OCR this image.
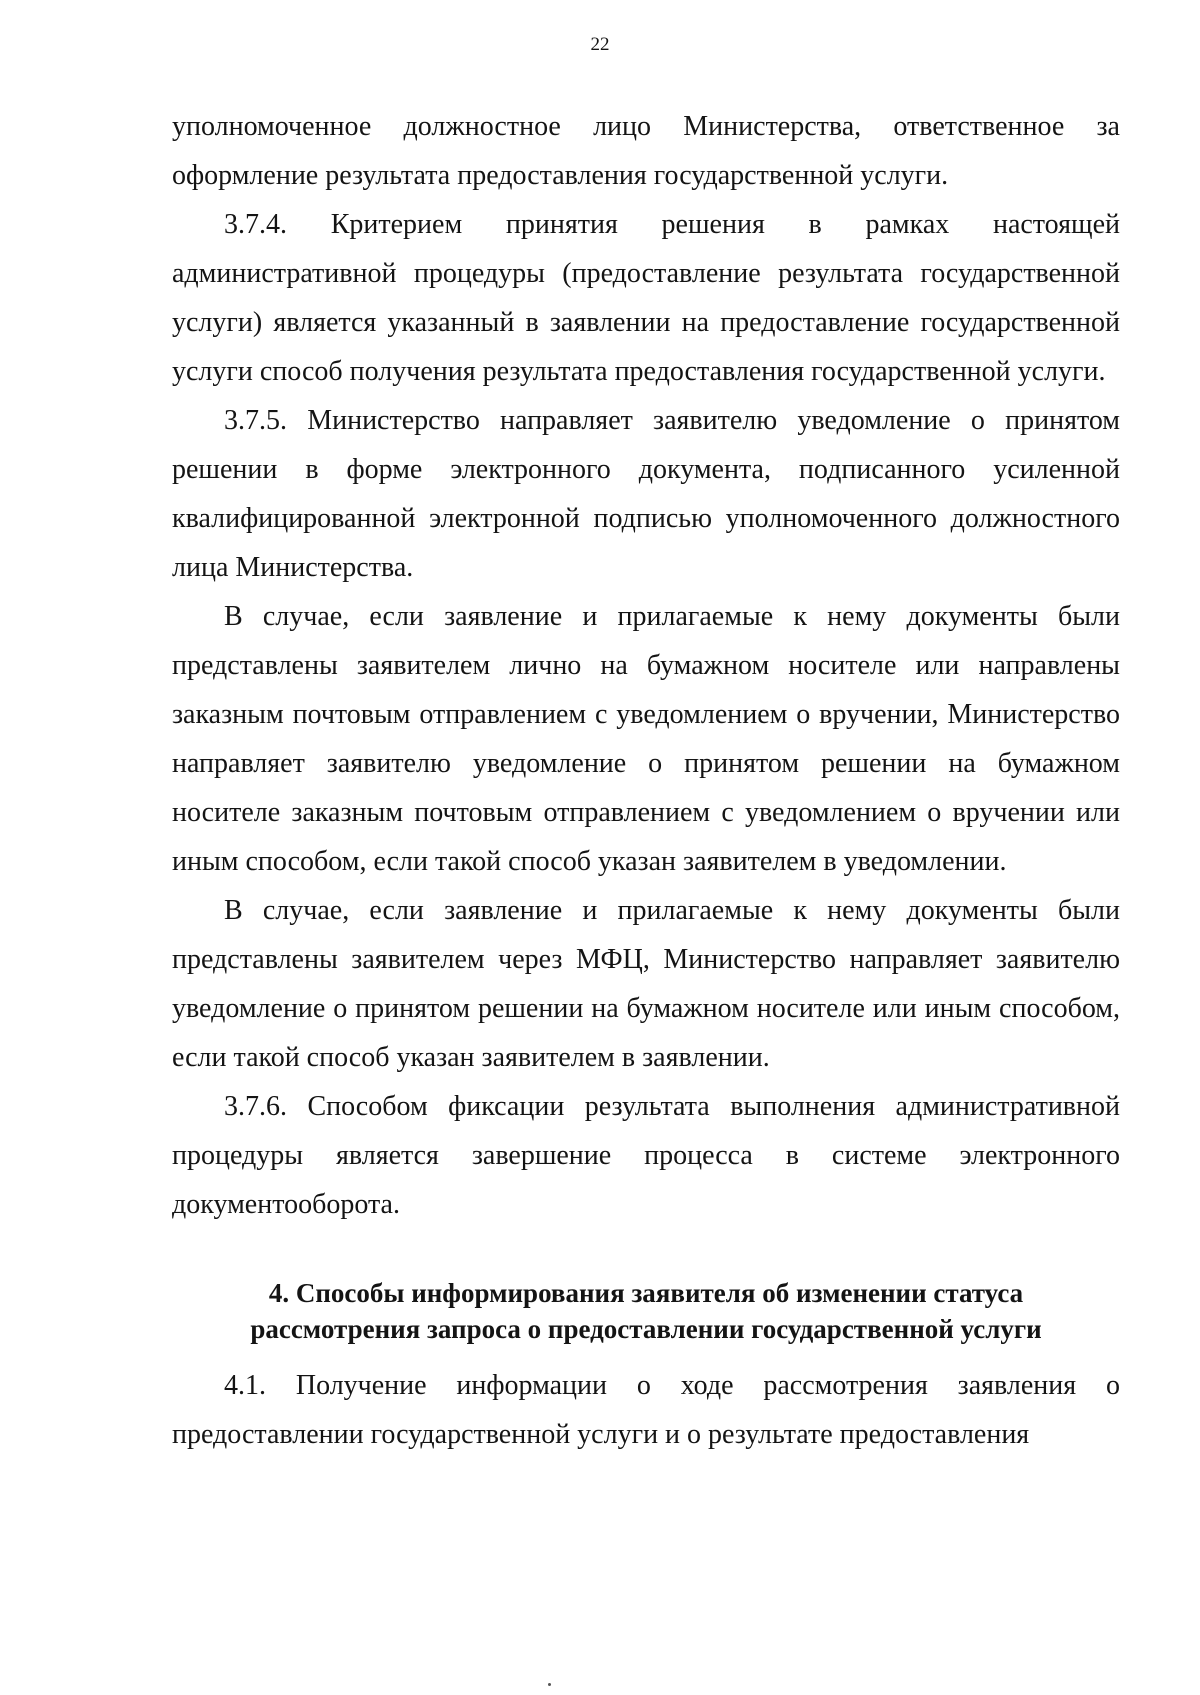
22

уполномоченное должностное лицо Министерства, ответственное за оформление результата предоставления государственной услуги.

3.7.4. Критерием принятия решения в рамках настоящей административной процедуры (предоставление результата государственной услуги) является указанный в заявлении на предоставление государственной услуги способ получения результата предоставления государственной услуги.

3.7.5. Министерство направляет заявителю уведомление о принятом решении в форме электронного документа, подписанного усиленной квалифицированной электронной подписью уполномоченного должностного лица Министерства.

В случае, если заявление и прилагаемые к нему документы были представлены заявителем лично на бумажном носителе или направлены заказным почтовым отправлением с уведомлением о вручении, Министерство направляет заявителю уведомление о принятом решении на бумажном носителе заказным почтовым отправлением с уведомлением о вручении или иным способом, если такой способ указан заявителем в уведомлении.

В случае, если заявление и прилагаемые к нему документы были представлены заявителем через МФЦ, Министерство направляет заявителю уведомление о принятом решении на бумажном носителе или иным способом, если такой способ указан заявителем в заявлении.

3.7.6. Способом фиксации результата выполнения административной процедуры является завершение процесса в системе электронного документооборота.

4. Способы информирования заявителя об изменении статуса
рассмотрения запроса о предоставлении государственной услуги

4.1. Получение информации о ходе рассмотрения заявления о предоставлении государственной услуги и о результате предоставления
